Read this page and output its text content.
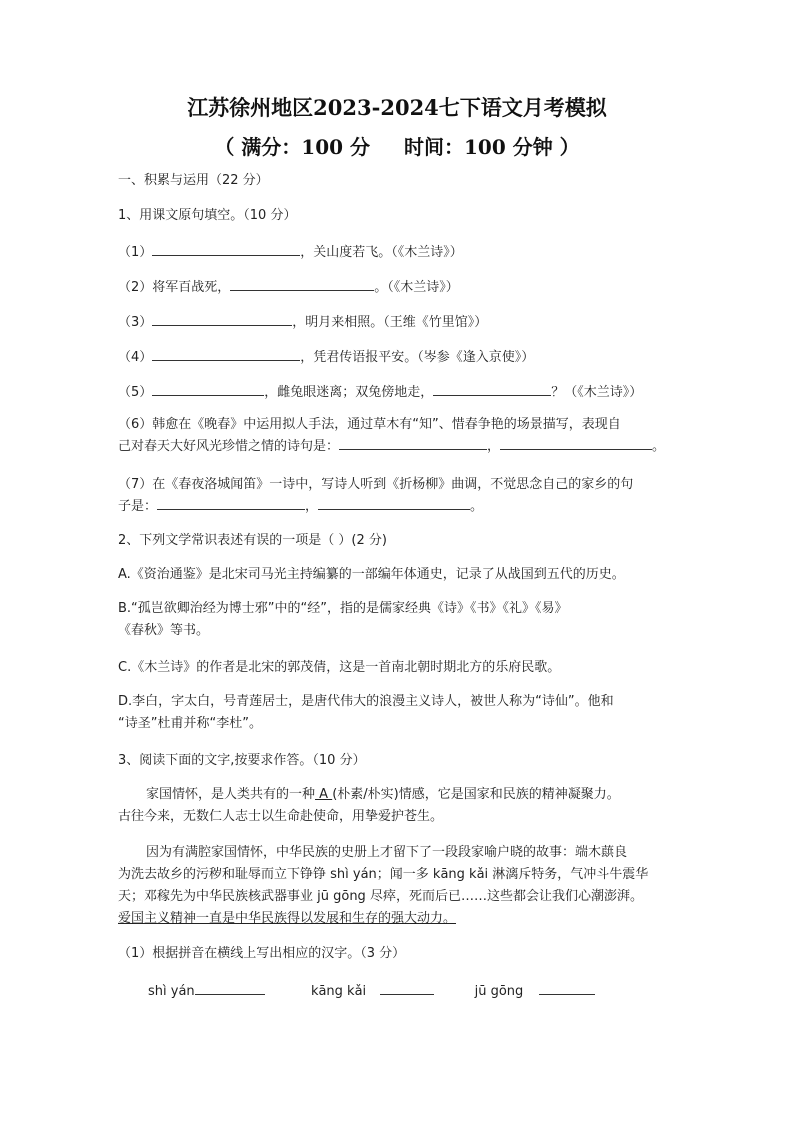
江苏徐州地区2023-2024七下语文月考模拟
（ 满分：100 分 时间：100 分钟 ）
一、积累与运用（22 分）
1、用课文原句填空。（10 分）
（1）	，关山度若飞。（《木兰诗》）
（2）将军百战死，	。（《木兰诗》）
（3）	，明月来相照。（王维《竹里馆》）
（4）	，凭君传语报平安。（岑参《逢入京使》）
（5）	，雌兔眼迷离；双兔傍地走，	？（《木兰诗》）
（6）韩愈在《晚春》中运用拟人手法，通过草木有“知”、惜春争艳的场景描写，表现自
己对春天大好风光珍惜之情的诗句是：	，	。
（7）在《春夜洛城闻笛》一诗中，写诗人听到《折杨柳》曲调，不觉思念自己的家乡的句
子是：	，	。
2、下列文学常识表述有误的一项是（ ）(2 分)
A.《资治通鉴》是北宋司马光主持编纂的一部编年体通史，记录了从战国到五代的历史。
B.“孤岂欲卿治经为博士邪”中的“经”，指的是儒家经典《诗》《书》《礼》《易》
《春秋》等书。
C.《木兰诗》的作者是北宋的郭茂倩，这是一首南北朝时期北方的乐府民歌。
D.李白，字太白，号青莲居士，是唐代伟大的浪漫主义诗人，被世人称为“诗仙”。他和
“诗圣”杜甫并称“李杜”。
3、阅读下面的文字,按要求作答。（10 分）
家国情怀，是人类共有的一种 A (朴素/朴实)情感，它是国家和民族的精神凝聚力。
古往今来，无数仁人志士以生命赴使命，用挚爱护苍生。
因为有满腔家国情怀，中华民族的史册上才留下了一段段家喻户晓的故事：端木蕻良
为洗去故乡的污秽和耻辱而立下铮铮 shì yán；闻一多 kāng kǎi 淋漓斥特务，气冲斗牛震华
天；邓稼先为中华民族核武器事业 jū gōng 尽瘁，死而后已……这些都会让我们心潮澎湃。
爱国主义精神一直是中华民族得以发展和生存的强大动力。
（1）根据拼音在横线上写出相应的汉字。（3 分）
shì yán	kāng kǎi	jū gōng
